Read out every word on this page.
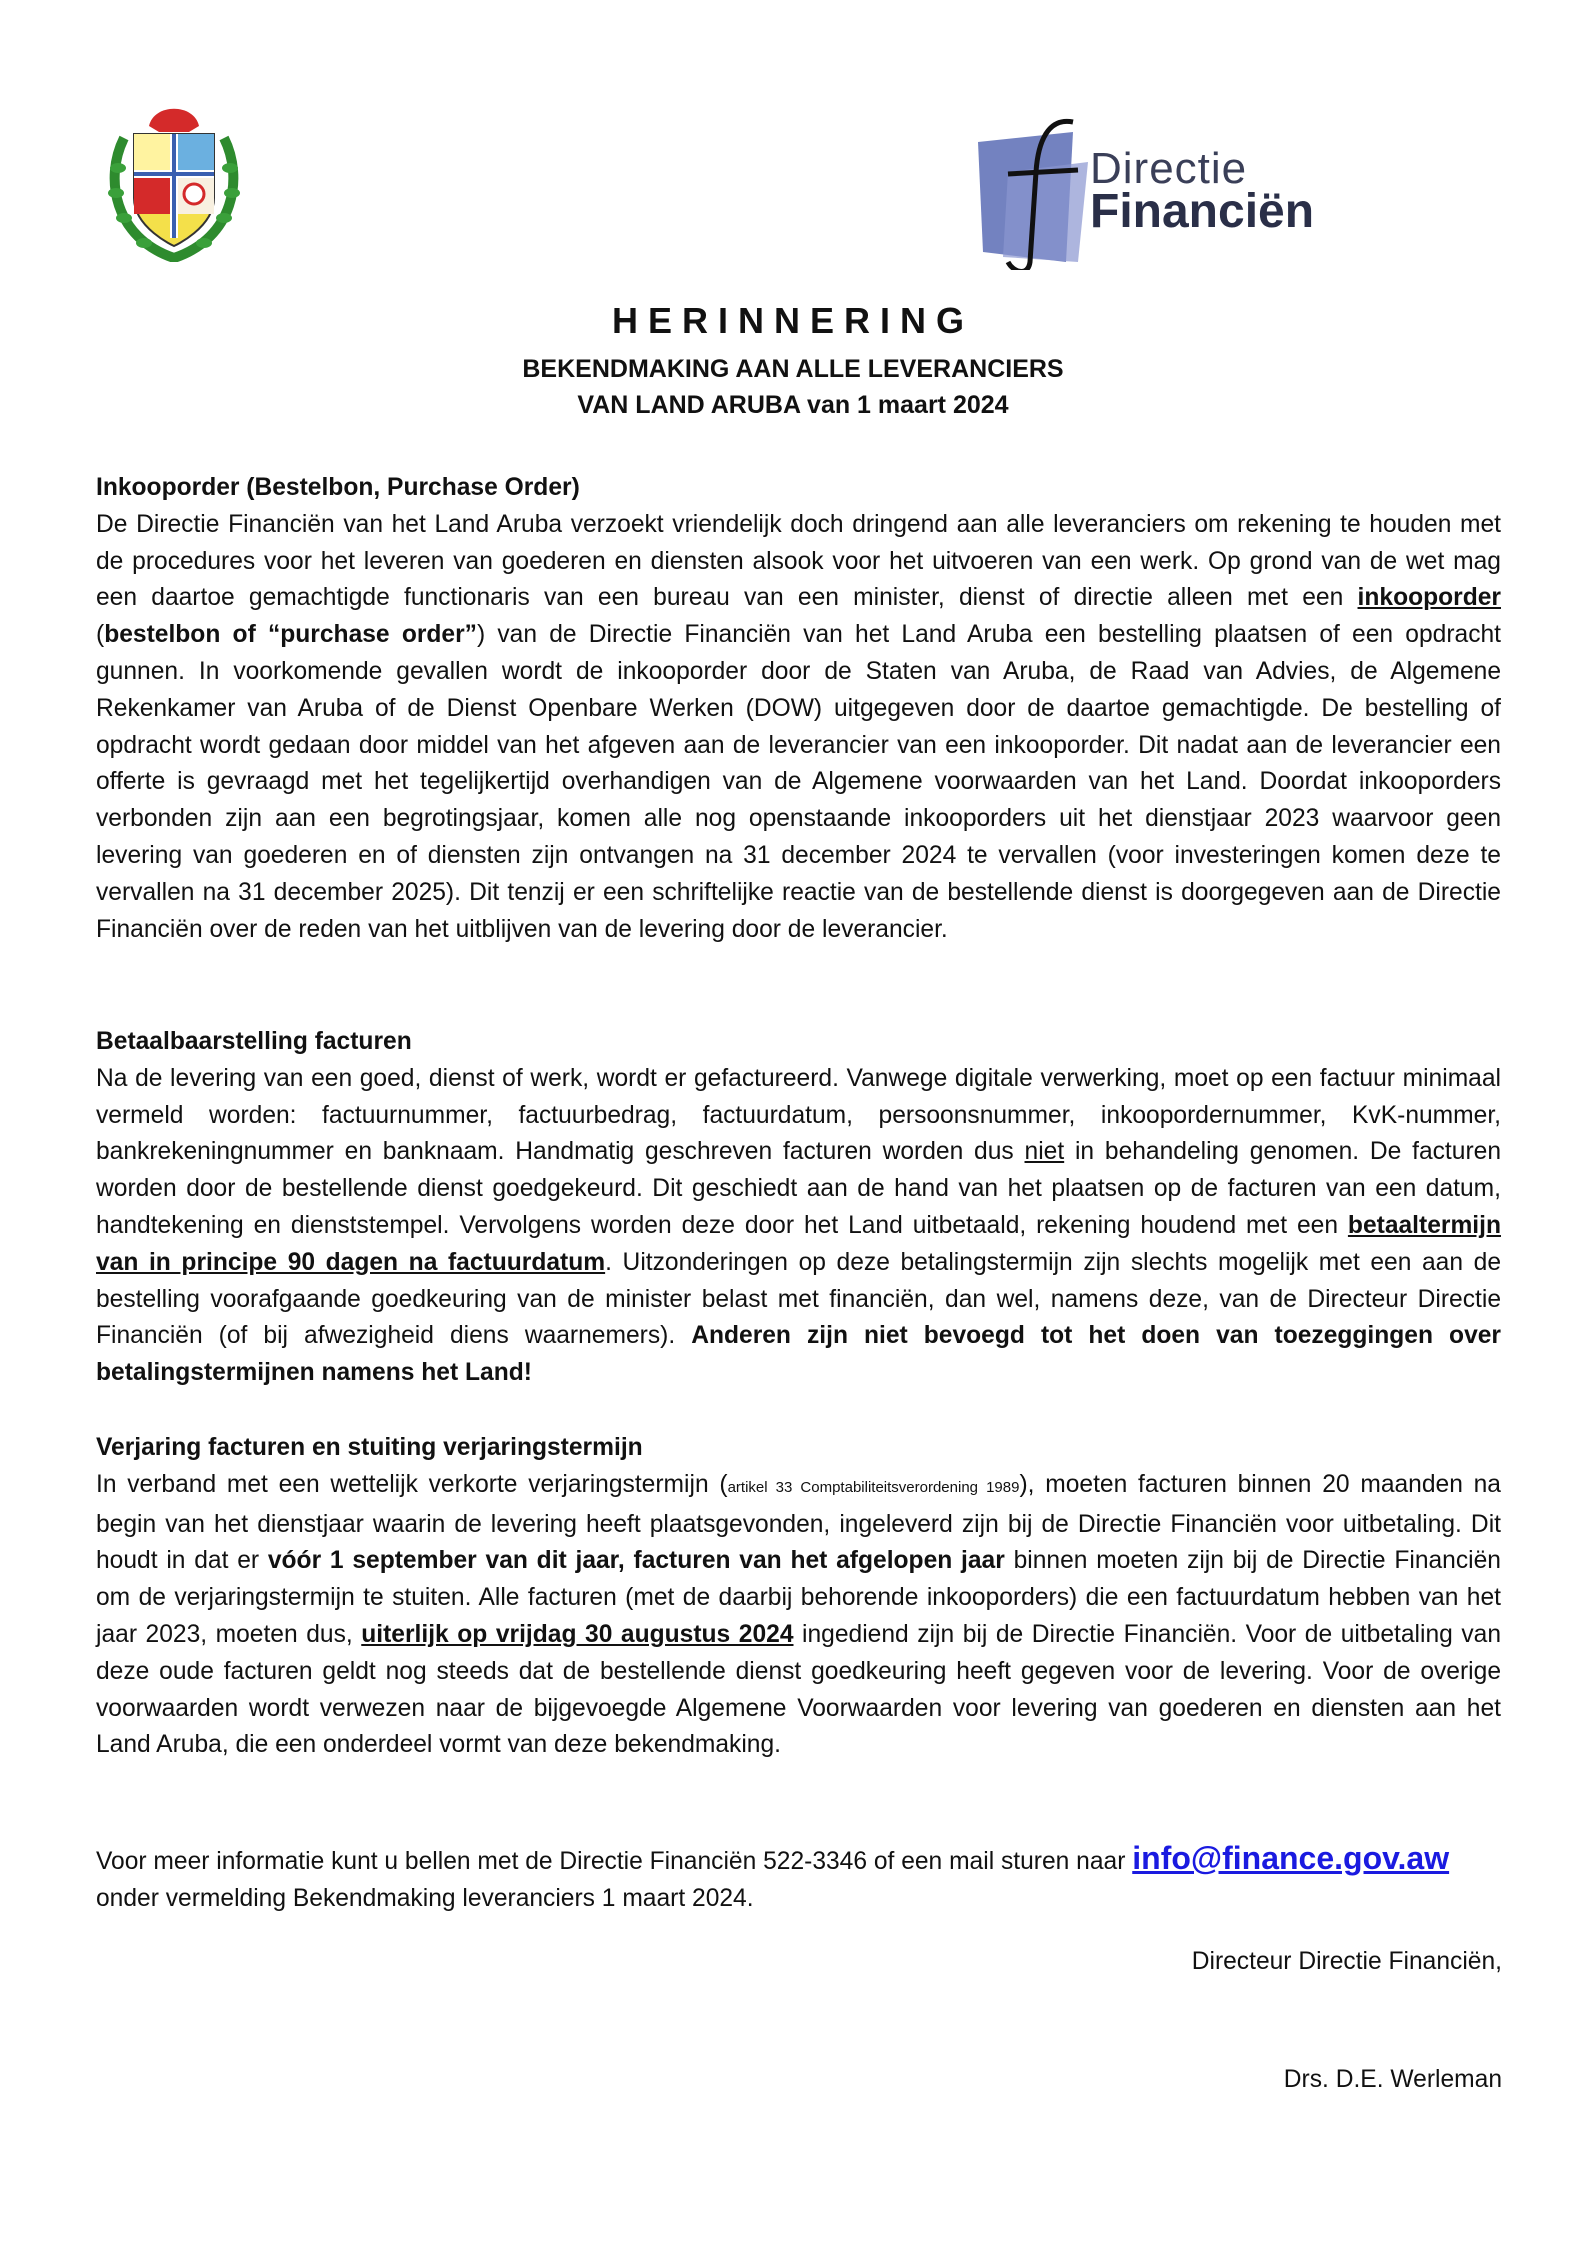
Directie
Financiën
HERINNERING
BEKENDMAKING AAN ALLE LEVERANCIERS
VAN LAND ARUBA van 1 maart 2024
Inkooporder (Bestelbon, Purchase Order)

De Directie Financiën van het Land Aruba verzoekt vriendelijk doch dringend aan alle leveranciers om rekening te houden met de procedures voor het leveren van goederen en diensten alsook voor het uitvoeren van een werk. Op grond van de wet mag een daartoe gemachtigde functionaris van een bureau van een minister, dienst of directie alleen met een inkooporder (bestelbon of “purchase order”) van de Directie Financiën van het Land Aruba een bestelling plaatsen of een opdracht gunnen. In voorkomende gevallen wordt de inkooporder door de Staten van Aruba, de Raad van Advies, de Algemene Rekenkamer van Aruba of de Dienst Openbare Werken (DOW) uitgegeven door de daartoe gemachtigde. De bestelling of opdracht wordt gedaan door middel van het afgeven aan de leverancier van een inkooporder. Dit nadat aan de leverancier een offerte is gevraagd met het tegelijkertijd overhandigen van de Algemene voorwaarden van het Land. Doordat inkooporders verbonden zijn aan een begrotingsjaar, komen alle nog openstaande inkooporders uit het dienstjaar 2023 waarvoor geen levering van goederen en of diensten zijn ontvangen na 31 december 2024 te vervallen (voor investeringen komen deze te vervallen na 31 december 2025). Dit tenzij er een schriftelijke reactie van de bestellende dienst is doorgegeven aan de Directie Financiën over de reden van het uitblijven van de levering door de leverancier.

Betaalbaarstelling facturen

Na de levering van een goed, dienst of werk, wordt er gefactureerd. Vanwege digitale verwerking, moet op een factuur minimaal vermeld worden: factuurnummer, factuurbedrag, factuurdatum, persoonsnummer, inkoopordernummer, KvK-nummer, bankrekeningnummer en banknaam. Handmatig geschreven facturen worden dus niet in behandeling genomen. De facturen worden door de bestellende dienst goedgekeurd. Dit geschiedt aan de hand van het plaatsen op de facturen van een datum, handtekening en dienststempel. Vervolgens worden deze door het Land uitbetaald, rekening houdend met een betaaltermijn van in principe 90 dagen na factuurdatum. Uitzonderingen op deze betalingstermijn zijn slechts mogelijk met een aan de bestelling voorafgaande goedkeuring van de minister belast met financiën, dan wel, namens deze, van de Directeur Directie Financiën (of bij afwezigheid diens waarnemers). Anderen zijn niet bevoegd tot het doen van toezeggingen over betalingstermijnen namens het Land!

Verjaring facturen en stuiting verjaringstermijn

In verband met een wettelijk verkorte verjaringstermijn (artikel 33 Comptabiliteitsverordening 1989), moeten facturen binnen 20 maanden na begin van het dienstjaar waarin de levering heeft plaatsgevonden, ingeleverd zijn bij de Directie Financiën voor uitbetaling. Dit houdt in dat er vóór 1 september van dit jaar, facturen van het afgelopen jaar binnen moeten zijn bij de Directie Financiën om de verjaringstermijn te stuiten. Alle facturen (met de daarbij behorende inkooporders) die een factuurdatum hebben van het jaar 2023, moeten dus, uiterlijk op vrijdag 30 augustus 2024 ingediend zijn bij de Directie Financiën. Voor de uitbetaling van deze oude facturen geldt nog steeds dat de bestellende dienst goedkeuring heeft gegeven voor de levering. Voor de overige voorwaarden wordt verwezen naar de bijgevoegde Algemene Voorwaarden voor levering van goederen en diensten aan het Land Aruba, die een onderdeel vormt van deze bekendmaking.

Voor meer informatie kunt u bellen met de Directie Financiën 522-3346 of een mail sturen naar info@finance.gov.aw
onder vermelding Bekendmaking leveranciers 1 maart 2024.
Directeur Directie Financiën,
Drs. D.E. Werleman
